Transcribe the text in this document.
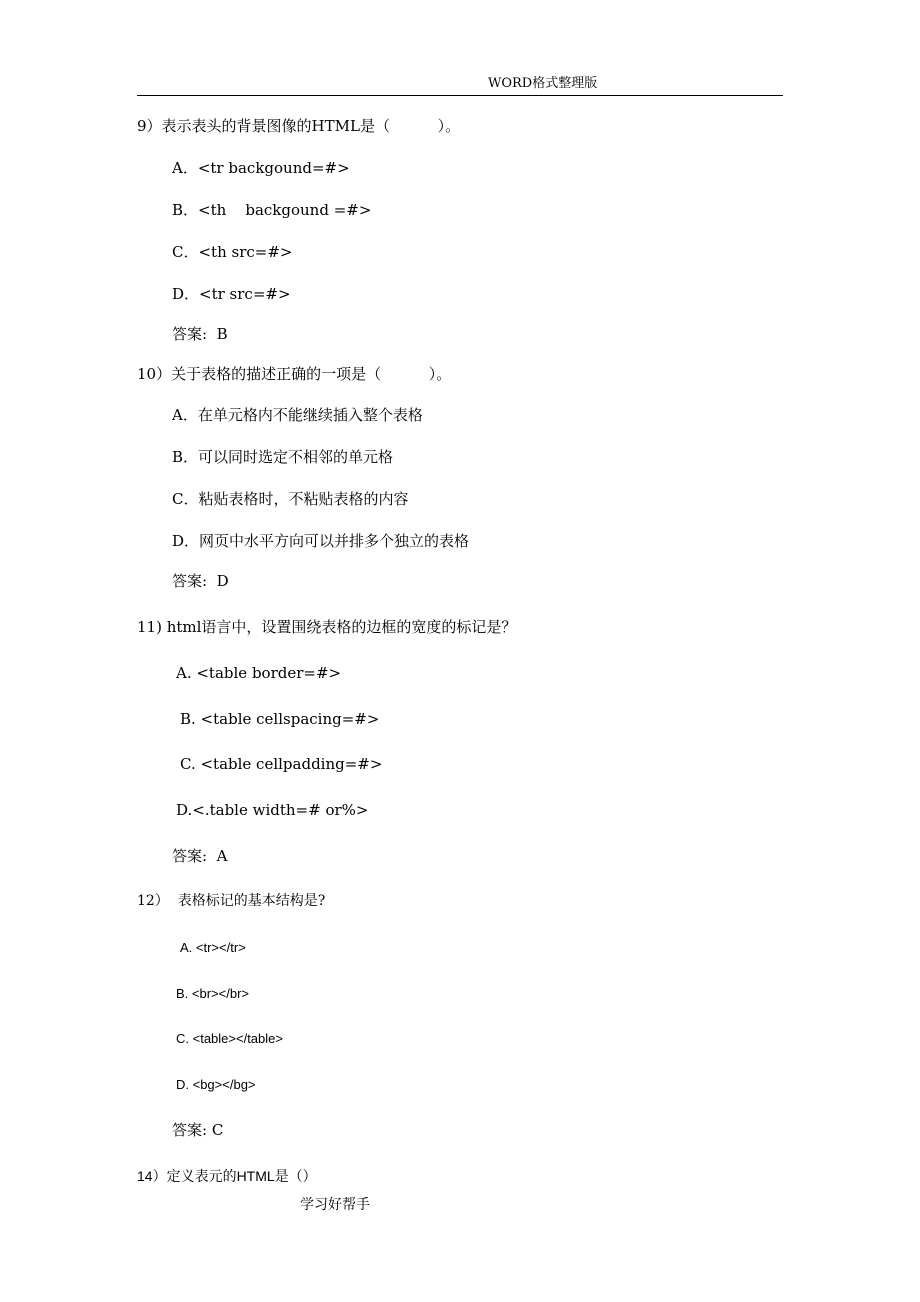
WORD格式整理版
9）表示表头的背景图像的HTML是（          ）。
A．<tr backgound=#>
B．<th    backgound =#>
C．<th src=#>
D．<tr src=#>
答案:  B
10）关于表格的描述正确的一项是（          ）。
A．在单元格内不能继续插入整个表格
B．可以同时选定不相邻的单元格
C．粘贴表格时，不粘贴表格的内容
D．网页中水平方向可以并排多个独立的表格
答案:  D
11) html语言中，设置围绕表格的边框的宽度的标记是？
A. <table border=#>
B. <table cellspacing=#>
C. <table cellpadding=#>
D.<.table width=# or%>
答案:  A
12）  表格标记的基本结构是?
A. <tr></tr>
B. <br></br>
C. <table></table>
D. <bg></bg>
答案: C
14）定义表元的HTML是（）
学习好帮手
